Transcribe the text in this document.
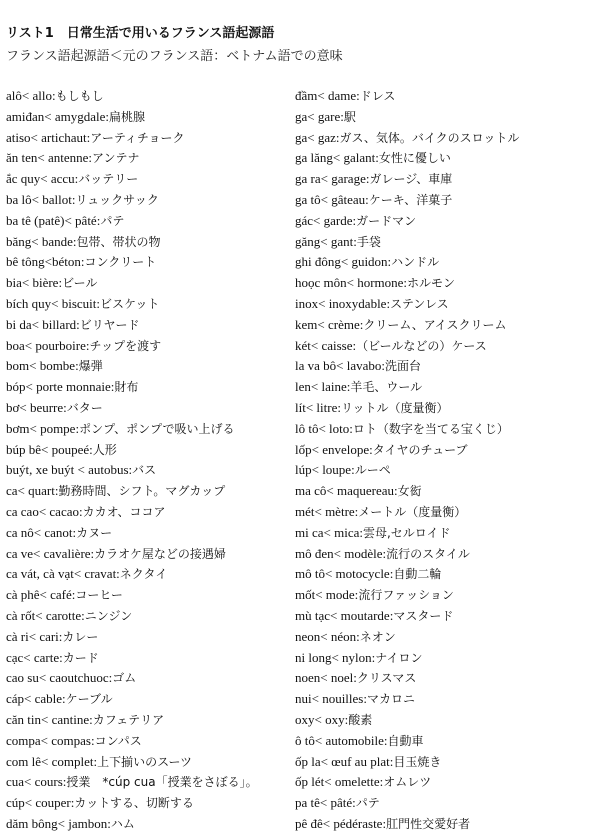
リスト1　日常生活で用いるフランス語起源語
フランス語起源語＜元のフランス語：ベトナム語での意味
alô< allo:もしもし
amiđan< amygdale:扁桃腺
atiso< artichaut:アーティチョーク
ăn ten< antenne:アンテナ
ắc quy< accu:バッテリー
ba lô< ballot:リュックサック
ba tê (patê)< pâté:パテ
băng< bande:包帯、帯状の物
bê tông<béton:コンクリート
bia< bière:ビール
bích quy< biscuit:ビスケット
bi da< billard:ビリヤード
boa< pourboire:チップを渡す
bom< bombe:爆弾
bóp< porte monnaie:財布
bơ< beurre:バター
bơm< pompe:ポンプ、ポンプで吸い上げる
búp bê< poupeé:人形
buýt, xe buýt < autobus:バス
ca< quart:勤務時間、シフト。マグカップ
ca cao< cacao:カカオ、ココア
ca nô< canot:カヌー
ca ve< cavalière:カラオケ屋などの接遇婦
ca vát, cà vạt< cravat:ネクタイ
cà phê< café:コーヒー
cà rốt< carotte:ニンジン
cà ri< cari:カレー
cạc< carte:カード
cao su< caoutchuoc:ゴム
cáp< cable:ケーブル
căn tin< cantine:カフェテリア
compa< compas:コンパス
com lê< complet:上下揃いのスーツ
cua< cours:授業　*cúp cua「授業をさぼる」。
cúp< couper:カットする、切断する
dăm bông< jambon:ハム
đầm< dame:ドレス
ga< gare:駅
ga< gaz:ガス、気体。バイクのスロットル
ga lăng< galant:女性に優しい
ga ra< garage:ガレージ、車庫
ga tô< gâteau:ケーキ、洋菓子
gác< garde:ガードマン
găng< gant:手袋
ghi đông< guidon:ハンドル
hoọc môn< hormone:ホルモン
inox< inoxydable:ステンレス
kem< crème:クリーム、アイスクリーム
két< caisse:（ビールなどの）ケース
la va bô< lavabo:洗面台
len< laine:羊毛、ウール
lít< litre:リットル（度量衡）
lô tô< loto:ロト（数字を当てる宝くじ）
lốp< envelope:タイヤのチューブ
lúp< loupe:ルーペ
ma cô< maquereau:女衒
mét< mètre:メートル（度量衡）
mi ca< mica:雲母,セルロイド
mô đen< modèle:流行のスタイル
mô tô< motocycle:自動二輪
mốt< mode:流行ファッション
mù tạc< moutarde:マスタード
neon< néon:ネオン
ni long< nylon:ナイロン
noen< noel:クリスマス
nui< nouilles:マカロニ
oxy< oxy:酸素
ô tô< automobile:自動車
ốp la< œuf au plat:目玉焼き
ốp lét< omelette:オムレツ
pa tê< pâté:パテ
pê đê< pédérastе:肛門性交愛好者
